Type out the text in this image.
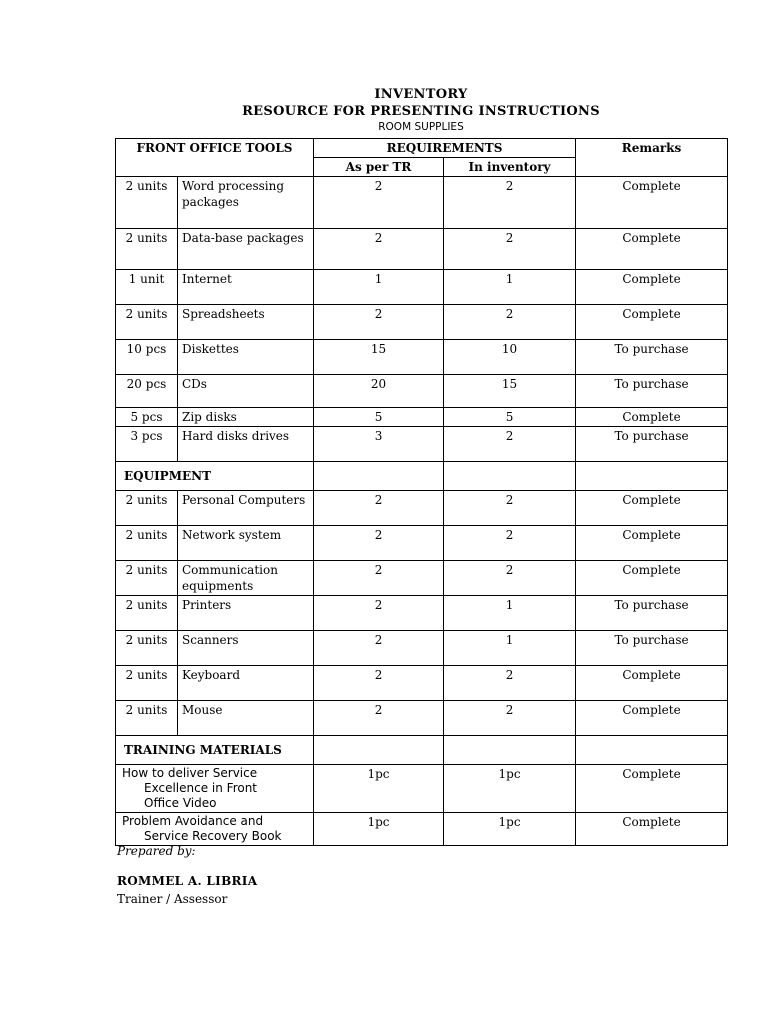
INVENTORY
RESOURCE FOR PRESENTING INSTRUCTIONS
ROOM SUPPLIES
FRONT OFFICE TOOLS		REQUIREMENTS		Remarks
		As per TR	In inventory	
2 units	Word processing packages	2	2	Complete
2 units	Data-base packages	2	2	Complete
1 unit	Internet	1	1	Complete
2 units	Spreadsheets	2	2	Complete
10 pcs	Diskettes	15	10	To purchase
20 pcs	CDs	20	15	To purchase
5 pcs	Zip disks	5	5	Complete
3 pcs	Hard disks drives	3	2	To purchase
EQUIPMENT				
2 units	Personal Computers	2	2	Complete
2 units	Network system	2	2	Complete
2 units	Communication equipments	2	2	Complete
2 units	Printers	2	1	To purchase
2 units	Scanners	2	1	To purchase
2 units	Keyboard	2	2	Complete
2 units	Mouse	2	2	Complete
TRAINING MATERIALS				

How to deliver Service
Excellence in Front
Office Video		1pc	1pc	Complete

Problem Avoidance and
Service Recovery Book		1pc	1pc	Complete
Prepared by:
ROMMEL A. LIBRIA
Trainer / Assessor
